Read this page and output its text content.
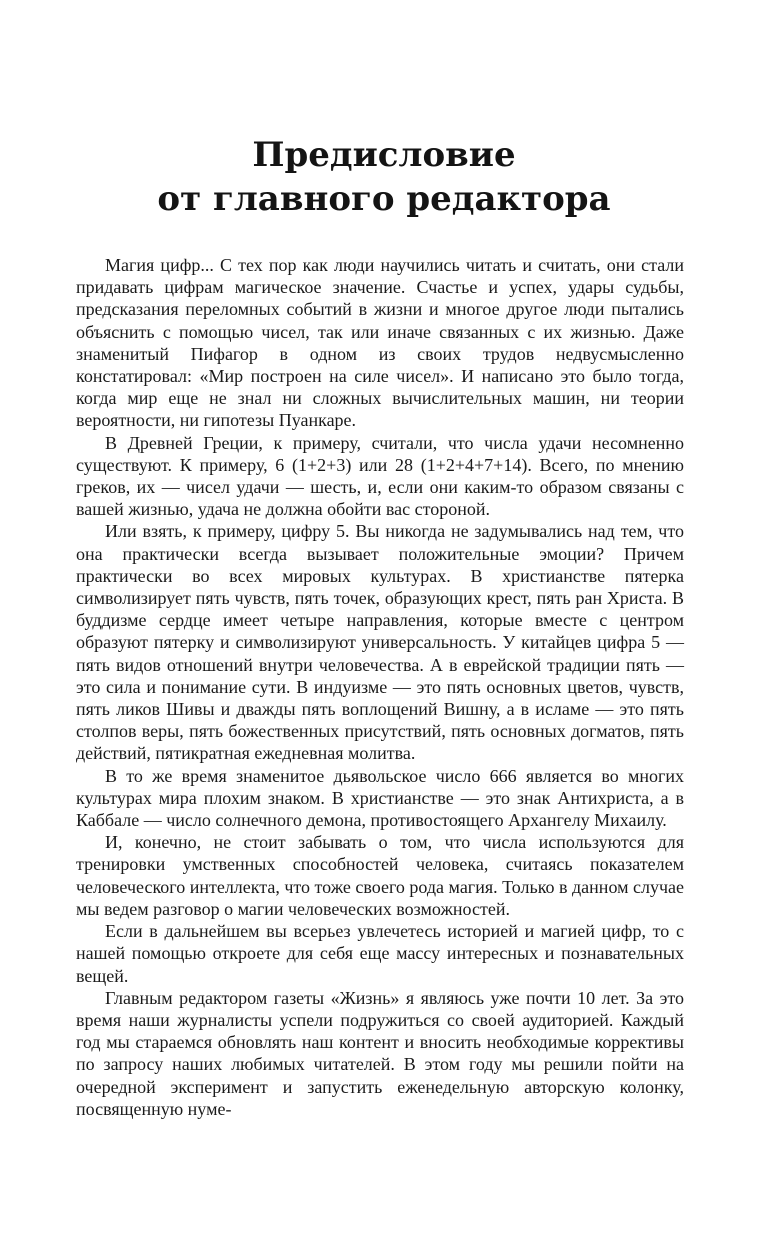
Предисловие
от главного редактора

Магия цифр... С тех пор как люди научились читать и считать, они стали придавать цифрам магическое значение. Счастье и успех, удары судьбы, предсказания переломных событий в жизни и многое другое люди пытались объяснить с помощью чисел, так или иначе связанных с их жизнью. Даже знаменитый Пифагор в одном из своих трудов недвусмысленно констатировал: «Мир построен на силе чисел». И написано это было тогда, когда мир еще не знал ни сложных вычислительных машин, ни теории вероятности, ни гипотезы Пуанкаре.

В Древней Греции, к примеру, считали, что числа удачи несомненно существуют. К примеру, 6 (1+2+3) или 28 (1+2+4+7+14). Всего, по мнению греков, их — чисел удачи — шесть, и, если они каким-то образом связаны с вашей жизнью, удача не должна обойти вас стороной.

Или взять, к примеру, цифру 5. Вы никогда не задумывались над тем, что она практически всегда вызывает положительные эмоции? Причем практически во всех мировых культурах. В христианстве пятерка символизирует пять чувств, пять точек, образующих крест, пять ран Христа. В буддизме сердце имеет четыре направления, которые вместе с центром образуют пятерку и символизируют универсальность. У китайцев цифра 5 — пять видов отношений внутри человечества. А в еврейской традиции пять — это сила и понимание сути. В индуизме — это пять основных цветов, чувств, пять ликов Шивы и дважды пять воплощений Вишну, а в исламе — это пять столпов веры, пять божественных присутствий, пять основных догматов, пять действий, пятикратная ежедневная молитва.

В то же время знаменитое дьявольское число 666 является во многих культурах мира плохим знаком. В христианстве — это знак Антихриста, а в Каббале — число солнечного демона, противостоящего Архангелу Михаилу.

И, конечно, не стоит забывать о том, что числа используются для тренировки умственных способностей человека, считаясь показателем человеческого интеллекта, что тоже своего рода магия. Только в данном случае мы ведем разговор о магии человеческих возможностей.

Если в дальнейшем вы всерьез увлечетесь историей и магией цифр, то с нашей помощью откроете для себя еще массу интересных и познавательных вещей.

Главным редактором газеты «Жизнь» я являюсь уже почти 10 лет. За это время наши журналисты успели подружиться со своей аудиторией. Каждый год мы стараемся обновлять наш контент и вносить необходимые коррективы по запросу наших любимых читателей. В этом году мы решили пойти на очередной эксперимент и запустить еженедельную авторскую колонку, посвященную нуме-
